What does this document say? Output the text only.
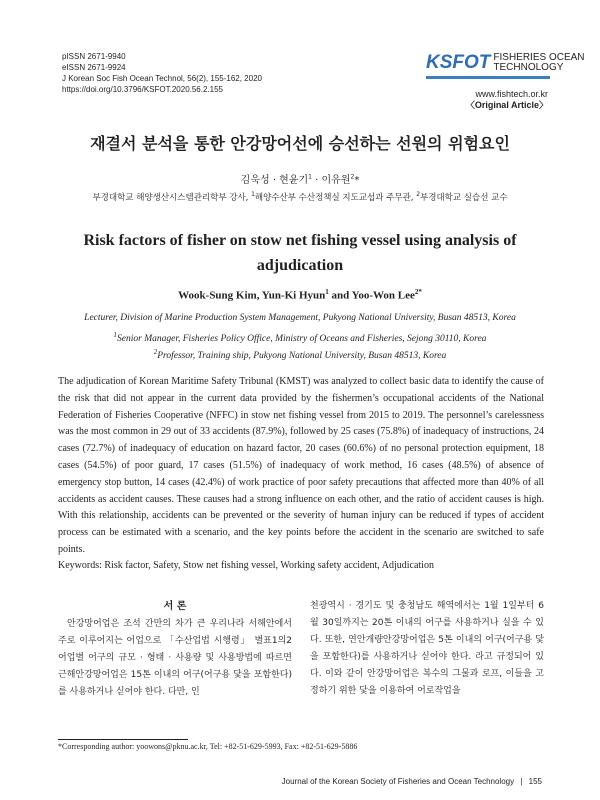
pISSN 2671-9940
eISSN 2671-9924
J Korean Soc Fish Ocean Technol, 56(2), 155-162, 2020
https://doi.org/10.3796/KSFOT.2020.56.2.155
KSFOT FISHERIES OCEAN
TECHNOLOGY
www.fishtech.or.kr
〈Original Article〉
재결서 분석을 통한 안강망어선에 승선하는 선원의 위험요인
김욱성 · 현윤기$^1$ · 이유원$^2$*
부경대학교 해양생산시스템관리학부 강사, $^1$해양수산부 수산정책실 지도교섭과 주무관, $^2$부경대학교 실습선 교수
Risk factors of fisher on stow net fishing vessel using analysis of adjudication
Wook-Sung Kim, Yun-Ki Hyun$^1$ and Yoo-Won Lee$^{2*}$
Lecturer, Division of Marine Production System Management, Pukyong National University, Busan 48513, Korea
$^1$Senior Manager, Fisheries Policy Office, Ministry of Oceans and Fisheries, Sejong 30110, Korea
$^2$Professor, Training ship, Pukyong National University, Busan 48513, Korea
The adjudication of Korean Maritime Safety Tribunal (KMST) was analyzed to collect basic data to identify the cause of the risk that did not appear in the current data provided by the fishermen’s occupational accidents of the National Federation of Fisheries Cooperative (NFFC) in stow net fishing vessel from 2015 to 2019. The personnel’s carelessness was the most common in 29 out of 33 accidents (87.9%), followed by 25 cases (75.8%) of inadequacy of instructions, 24 cases (72.7%) of inadequacy of education on hazard factor, 20 cases (60.6%) of no personal protection equipment, 18 cases (54.5%) of poor guard, 17 cases (51.5%) of inadequacy of work method, 16 cases (48.5%) of absence of emergency stop button, 14 cases (42.4%) of work practice of poor safety precautions that affected more than 40% of all accidents as accident causes. These causes had a strong influence on each other, and the ratio of accident causes is high. With this relationship, accidents can be prevented or the severity of human injury can be reduced if types of accident process can be estimated with a scenario, and the key points before the accident in the scenario are switched to safe points.
Keywords: Risk factor, Safety, Stow net fishing vessel, Working safety accident, Adjudication
서 론

안강망어업은 조석 간만의 차가 큰 우리나라 서해안에서 주로 이루어지는 어업으로 「수산업법 시행령」 별표1의2 어업별 어구의 규모 · 형태 · 사용량 및 사용방법에 따르면 근해안강망어업은 15톤 이내의 어구(어구용 닻을 포함한다)를 사용하거나 싣어야 한다. 다만, 인

천광역시 · 경기도 및 충청남도 해역에서는 1월 1일부터 6월 30일까지는 20톤 이내의 어구를 사용하거나 실을 수 있다. 또한, 연안개량안강망어업은 5톤 이내의 어구(어구용 닻을 포함한다)를 사용하거나 싣어야 한다. 라고 규정되어 있다. 이와 같이 안강망어업은 복수의 그물과 로프, 이들을 고정하기 위한 닻을 이용하여 어로작업을

*Corresponding author: yoowons@pknu.ac.kr, Tel: +82-51-629-5993, Fax: +82-51-629-5886
Journal of the Korean Society of Fisheries and Ocean Technology | 155
